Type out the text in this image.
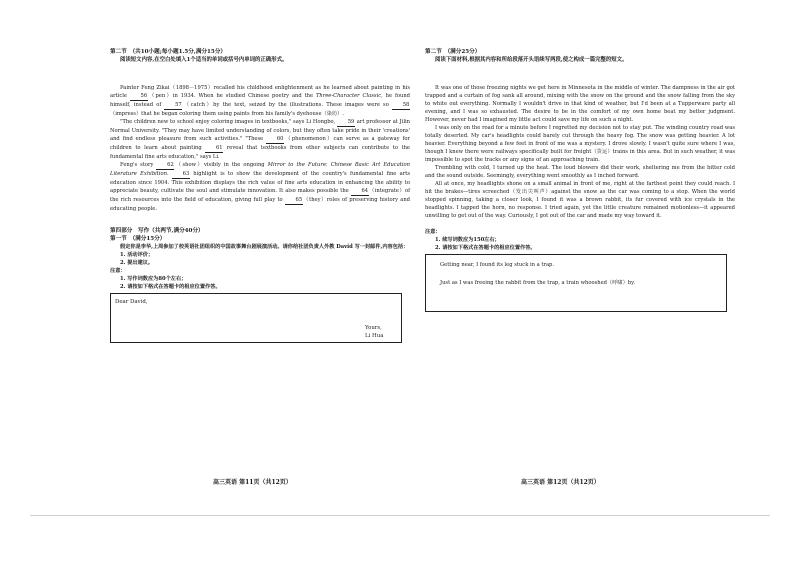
第二节　（共10小题;每小题1.5分,满分15分）
阅读短文内容,在空白处填入1个适当的单词或括号内单词的正确形式。

Painter Feng Zikai（1898－1975）recalled his childhood enlightenment as he learned about painting in his article 56（pen）in 1934. When he studied Chinese poetry and the Three-Character Classic, he found himself, instead of 57（catch）by the text, seized by the illustrations. These images were so 58（impress）that he began coloring them using paints from his family's dyehouse（染坊）.

"The children new to school enjoy coloring images in textbooks," says Li Hongbo, 59 art professor at Jilin Normal University. "They may have limited understanding of colors, but they often take pride in their 'creations' and find endless pleasure from such activities." "These 60（phenomenon）can serve as a gateway for children to learn about painting 61 reveal that textbooks from other subjects can contribute to the fundamental fine arts education," says Li.

Feng's story 62（show）visibly in the ongoing Mirror to the Future: Chinese Basic Art Education Literature Exhibition. 63 highlight is to show the development of the country's fundamental fine arts education since 1904. This exhibition displays the rich value of fine arts education in enhancing the ability to appreciate beauty, cultivate the soul and stimulate innovation. It also makes possible the 64（integrate）of the rich resources into the field of education, giving full play to 65（they）roles of preserving history and educating people.

第四部分　写作（共两节,满分40分）
第一节　（满分15分）
假定你是李华,上周参加了校英语社团组织的中国故事舞台剧展演活动。请你给社团负责人外教 David 写一封邮件,内容包括：
1. 活动评价；
2. 提出建议。
注意：
1. 写作词数应为80个左右；
2. 请按如下格式在答题卡的相应位置作答。
Dear David,
Yours,
Li Hua
第二节　（满分25分）
阅读下面材料,根据其内容和所给段落开头语续写两段,使之构成一篇完整的短文。

It was one of those freezing nights we get here in Minnesota in the middle of winter. The dampness in the air got trapped and a curtain of fog sank all around, mixing with the snow on the ground and the snow falling from the sky to white out everything. Normally I wouldn't drive in that kind of weather, but I'd been at a Tupperware party all evening, and I was so exhausted. The desire to be in the comfort of my own home beat my better judgment. However, never had I imagined my little act could save my life on such a night.

I was only on the road for a minute before I regretted my decision not to stay put. The winding country road was totally deserted. My car's headlights could barely cut through the heavy fog. The snow was getting heavier. A lot heavier. Everything beyond a few feet in front of me was a mystery. I drove slowly. I wasn't quite sure where I was, though I knew there were railways specifically built for freight（货运）trains in this area. But in such weather, it was impossible to spot the tracks or any signs of an approaching train.

Trembling with cold, I turned up the heat. The loud blowers did their work, sheltering me from the bitter cold and the sound outside. Seemingly, everything went smoothly as I inched forward.

All at once, my headlights shone on a small animal in front of me, right at the farthest point they could reach. I hit the brakes—tires screeched（发出尖叫声）against the snow as the car was coming to a stop. When the world stopped spinning, taking a closer look, I found it was a brown rabbit, its fur covered with ice crystals in the headlights. I tapped the horn, no response. I tried again, yet the little creature remained motionless—it appeared unwilling to get out of the way. Curiously, I got out of the car and made my way toward it.

注意：
1. 续写词数应为150左右；
2. 请按如下格式在答题卡的相应位置作答。
Getting near, I found its leg stuck in a trap.
Just as I was freeing the rabbit from the trap, a train whooshed（呼啸）by.
高三英语 第11页（共12页）	高三英语 第12页（共12页）
